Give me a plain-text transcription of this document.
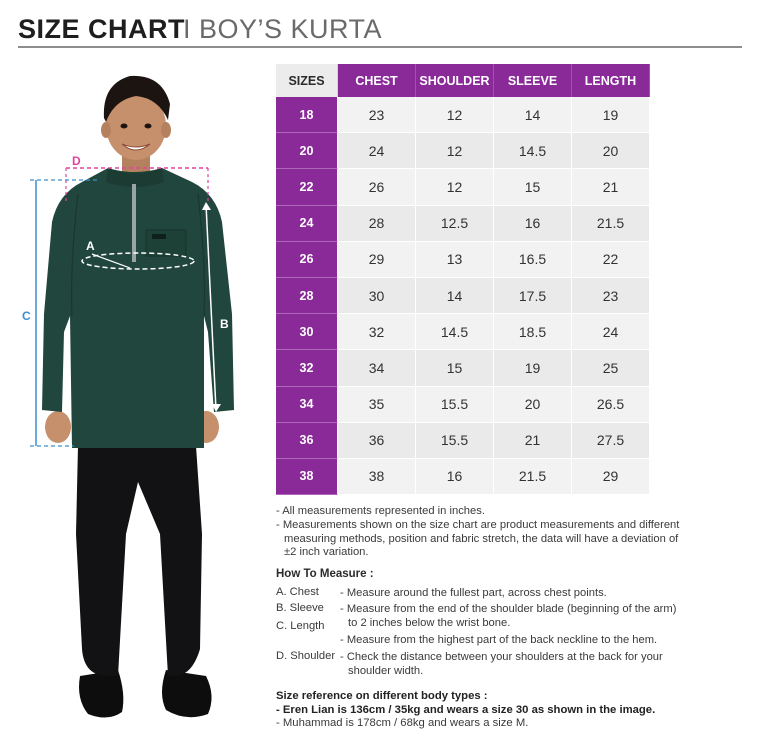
SIZE CHART
I BOY’S KURTA
D
C
B
A
SIZES	CHEST	SHOULDER	SLEEVE	LENGTH
18	23	12	14	19
20	24	12	14.5	20
22	26	12	15	21
24	28	12.5	16	21.5
26	29	13	16.5	22
28	30	14	17.5	23
30	32	14.5	18.5	24
32	34	15	19	25
34	35	15.5	20	26.5
36	36	15.5	21	27.5
38	38	16	21.5	29
- All measurements represented in inches.
- Measurements shown on the size chart are product measurements and different
measuring methods, position and fabric stretch, the data will have a deviation of
±2 inch variation.
How To Measure :
A. Chest - Measure around the fullest part, across chest points.
B. Sleeve - Measure from the end of the shoulder blade (beginning of the arm)
to 2 inches below the wrist bone.
C. Length
- Measure from the highest part of the back neckline to the hem.
D. Shoulder - Check the distance between your shoulders at the back for your
shoulder width.
Size reference on different body types :
- Eren Lian is 136cm / 35kg and wears a size 30 as shown in the image.
- Muhammad is 178cm / 68kg and wears a size M.
